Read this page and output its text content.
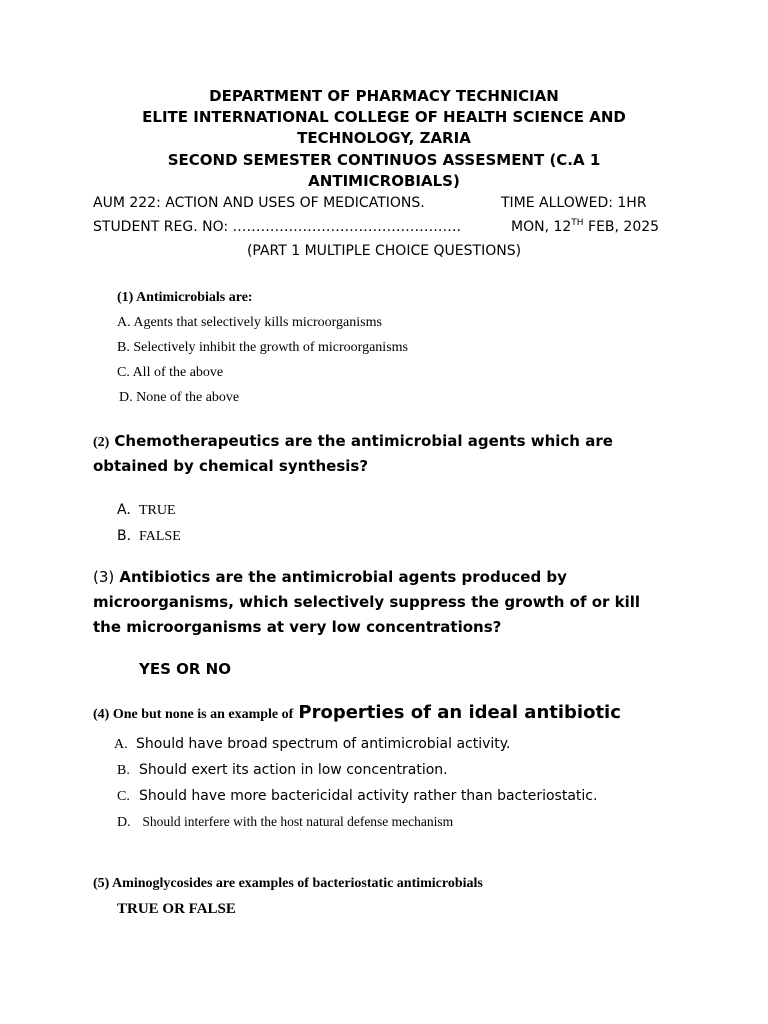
DEPARTMENT OF PHARMACY TECHNICIAN
ELITE INTERNATIONAL COLLEGE OF HEALTH SCIENCE AND
TECHNOLOGY, ZARIA
SECOND SEMESTER CONTINUOS ASSESMENT (C.A 1
ANTIMICROBIALS)
AUM 222: ACTION AND USES OF MEDICATIONS.	TIME ALLOWED: 1HR
STUDENT REG. NO: ………………………………………….	MON, 12TH FEB, 2025
(PART 1 MULTIPLE CHOICE QUESTIONS)
(1) Antimicrobials are:
A. Agents that selectively kills microorganisms
B. Selectively inhibit the growth of microorganisms
C. All of the above
D. None of the above
(2) Chemotherapeutics are the antimicrobial agents which are
obtained by chemical synthesis?
A. TRUE
B. FALSE
(3) Antibiotics are the antimicrobial agents produced by
microorganisms, which selectively suppress the growth of or kill
the microorganisms at very low concentrations?
YES OR NO
(4) One but none is an example of Properties of an ideal antibiotic
A. Should have broad spectrum of antimicrobial activity.
B. Should exert its action in low concentration.
C. Should have more bactericidal activity rather than bacteriostatic.
D. Should interfere with the host natural defense mechanism
(5) Aminoglycosides are examples of bacteriostatic antimicrobials
TRUE OR FALSE
